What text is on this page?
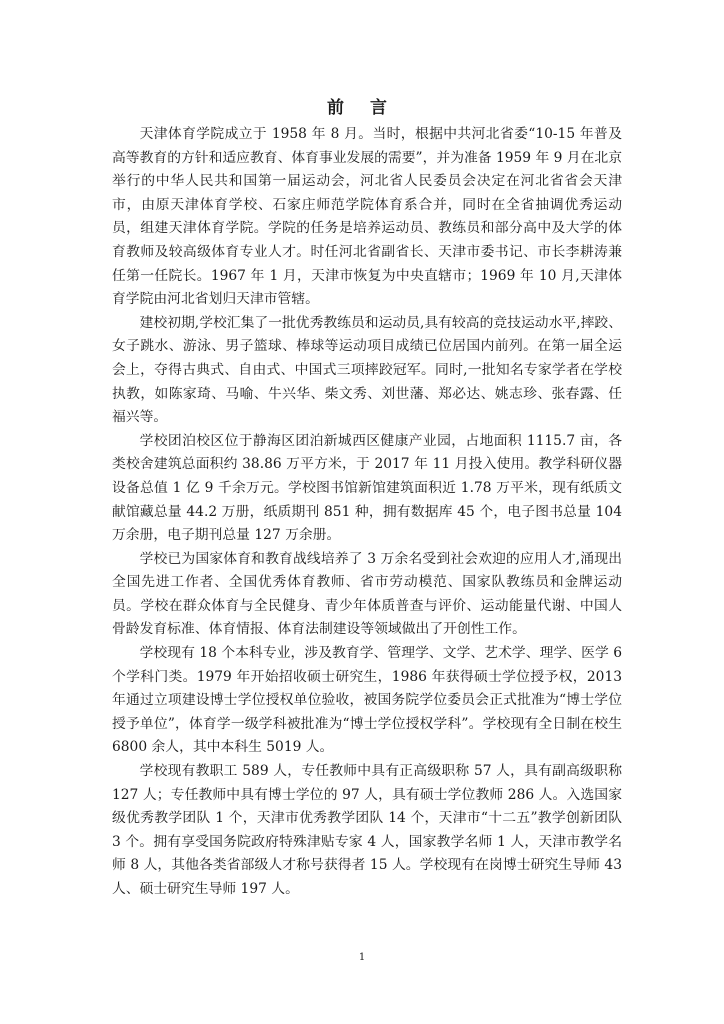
前 言

天津体育学院成立于 1958 年 8 月。当时，根据中共河北省委“10-15 年普及高等教育的方针和适应教育、体育事业发展的需要”，并为准备 1959 年 9 月在北京举行的中华人民共和国第一届运动会，河北省人民委员会决定在河北省省会天津市，由原天津体育学校、石家庄师范学院体育系合并，同时在全省抽调优秀运动员，组建天津体育学院。学院的任务是培养运动员、教练员和部分高中及大学的体育教师及较高级体育专业人才。时任河北省副省长、天津市委书记、市长李耕涛兼任第一任院长。1967 年 1 月，天津市恢复为中央直辖市；1969 年 10 月,天津体育学院由河北省划归天津市管辖。

建校初期,学校汇集了一批优秀教练员和运动员,具有较高的竞技运动水平,摔跤、女子跳水、游泳、男子篮球、棒球等运动项目成绩已位居国内前列。在第一届全运会上，夺得古典式、自由式、中国式三项摔跤冠军。同时,一批知名专家学者在学校执教，如陈家琦、马喻、牛兴华、柴文秀、刘世藩、郑必达、姚志珍、张春露、任福兴等。

学校团泊校区位于静海区团泊新城西区健康产业园，占地面积 1115.7 亩，各类校舍建筑总面积约 38.86 万平方米，于 2017 年 11 月投入使用。教学科研仪器设备总值 1 亿 9 千余万元。学校图书馆新馆建筑面积近 1.78 万平米，现有纸质文献馆藏总量 44.2 万册，纸质期刊 851 种，拥有数据库 45 个，电子图书总量 104 万余册，电子期刊总量 127 万余册。

学校已为国家体育和教育战线培养了 3 万余名受到社会欢迎的应用人才,涌现出全国先进工作者、全国优秀体育教师、省市劳动模范、国家队教练员和金牌运动员。学校在群众体育与全民健身、青少年体质普查与评价、运动能量代谢、中国人骨龄发育标准、体育情报、体育法制建设等领域做出了开创性工作。

学校现有 18 个本科专业，涉及教育学、管理学、文学、艺术学、理学、医学 6 个学科门类。1979 年开始招收硕士研究生，1986 年获得硕士学位授予权，2013 年通过立项建设博士学位授权单位验收，被国务院学位委员会正式批准为“博士学位授予单位”，体育学一级学科被批准为“博士学位授权学科”。学校现有全日制在校生 6800 余人，其中本科生 5019 人。

学校现有教职工 589 人，专任教师中具有正高级职称 57 人，具有副高级职称 127 人；专任教师中具有博士学位的 97 人，具有硕士学位教师 286 人。入选国家级优秀教学团队 1 个，天津市优秀教学团队 14 个，天津市“十二五”教学创新团队 3 个。拥有享受国务院政府特殊津贴专家 4 人，国家教学名师 1 人，天津市教学名师 8 人，其他各类省部级人才称号获得者 15 人。学校现有在岗博士研究生导师 43 人、硕士研究生导师 197 人。

1
